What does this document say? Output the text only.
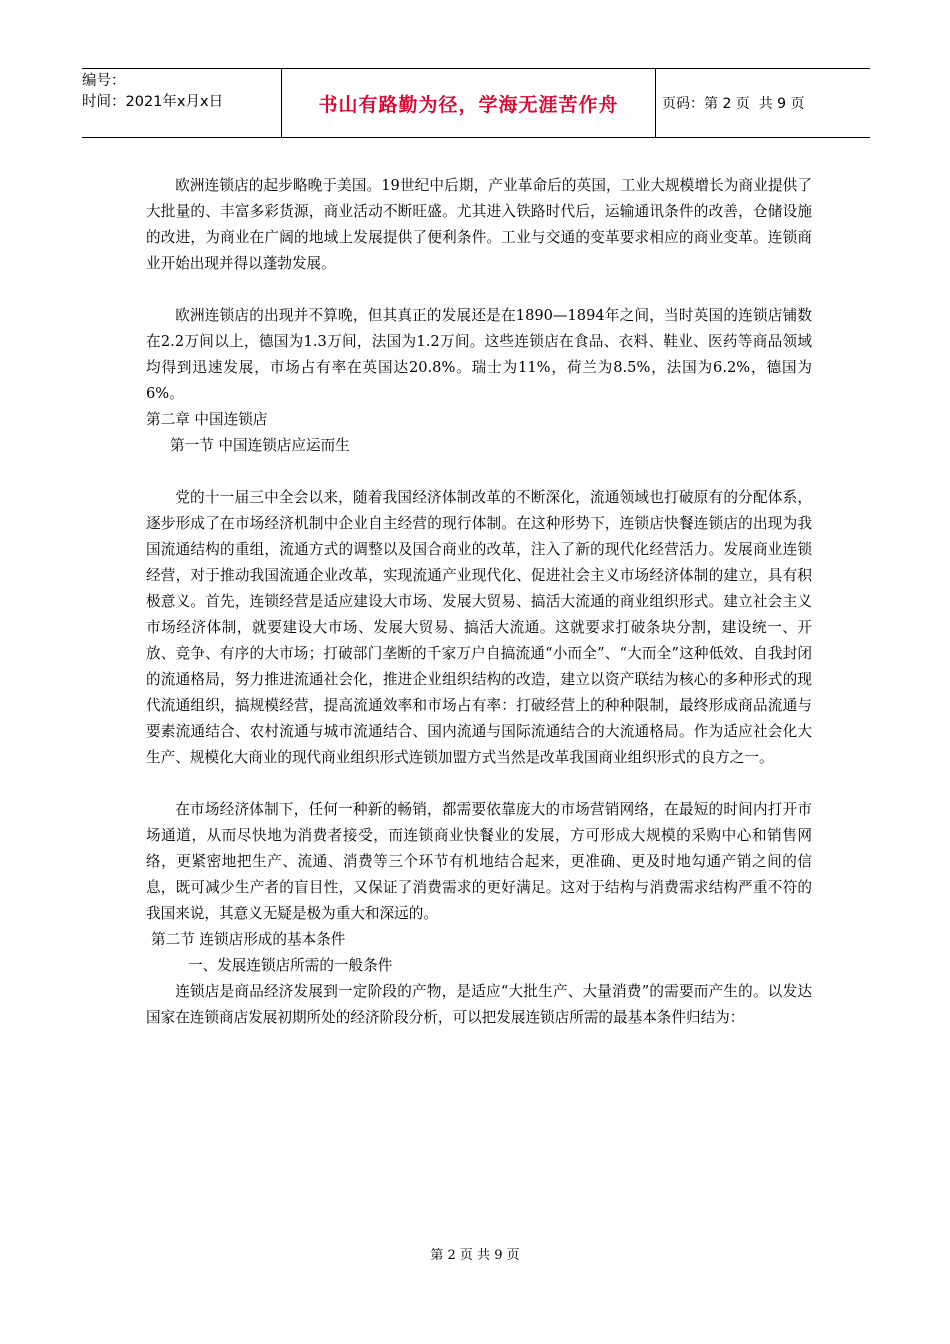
编号：
时间：2021年x月x日	书山有路勤为径，学海无涯苦作舟	页码：第 2 页  共 9 页

欧洲连锁店的起步略晚于美国。19世纪中后期，产业革命后的英国，工业大规模增长为商业提供了大批量的、丰富多彩货源，商业活动不断旺盛。尤其进入铁路时代后，运输通讯条件的改善，仓储设施的改进，为商业在广阔的地域上发展提供了便利条件。工业与交通的变革要求相应的商业变革。连锁商业开始出现并得以蓬勃发展。

欧洲连锁店的出现并不算晚，但其真正的发展还是在1890—1894年之间，当时英国的连锁店铺数在2.2万间以上，德国为1.3万间，法国为1.2万间。这些连锁店在食品、衣料、鞋业、医药等商品领域均得到迅速发展，市场占有率在英国达20.8%。瑞士为11%，荷兰为8.5%，法国为6.2%，德国为6%。

第二章 中国连锁店

第一节 中国连锁店应运而生

党的十一届三中全会以来，随着我国经济体制改革的不断深化，流通领域也打破原有的分配体系，逐步形成了在市场经济机制中企业自主经营的现行体制。在这种形势下，连锁店快餐连锁店的出现为我国流通结构的重组，流通方式的调整以及国合商业的改革，注入了新的现代化经营活力。发展商业连锁经营，对于推动我国流通企业改革，实现流通产业现代化、促进社会主义市场经济体制的建立，具有积极意义。首先，连锁经营是适应建设大市场、发展大贸易、搞活大流通的商业组织形式。建立社会主义市场经济体制，就要建设大市场、发展大贸易、搞活大流通。这就要求打破条块分割，建设统一、开放、竞争、有序的大市场；打破部门垄断的千家万户自搞流通“小而全”、“大而全”这种低效、自我封闭的流通格局，努力推进流通社会化，推进企业组织结构的改造，建立以资产联结为核心的多种形式的现代流通组织，搞规模经营，提高流通效率和市场占有率：打破经营上的种种限制，最终形成商品流通与要素流通结合、农村流通与城市流通结合、国内流通与国际流通结合的大流通格局。作为适应社会化大生产、规模化大商业的现代商业组织形式连锁加盟方式当然是改革我国商业组织形式的良方之一。

在市场经济体制下，任何一种新的畅销，都需要依靠庞大的市场营销网络，在最短的时间内打开市场通道，从而尽快地为消费者接受，而连锁商业快餐业的发展，方可形成大规模的采购中心和销售网络，更紧密地把生产、流通、消费等三个环节有机地结合起来，更准确、更及时地勾通产销之间的信息，既可减少生产者的盲目性，又保证了消费需求的更好满足。这对于结构与消费需求结构严重不符的我国来说，其意义无疑是极为重大和深远的。

第二节 连锁店形成的基本条件

一、发展连锁店所需的一般条件

连锁店是商品经济发展到一定阶段的产物，是适应“大批生产、大量消费”的需要而产生的。以发达国家在连锁商店发展初期所处的经济阶段分析，可以把发展连锁店所需的最基本条件归结为：

第 2 页 共 9 页
